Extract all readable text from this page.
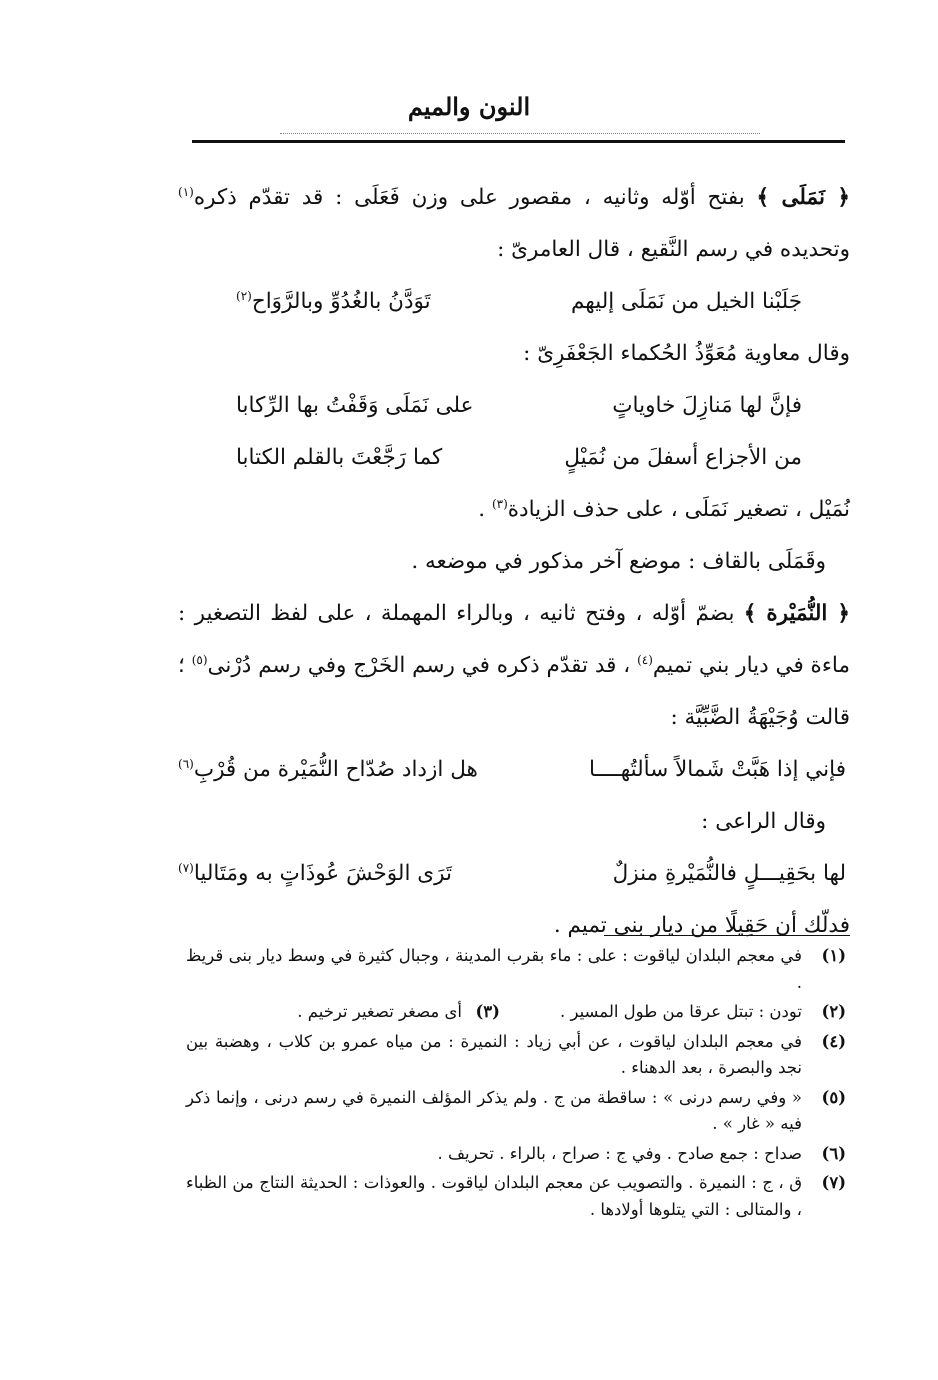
النون والميم

﴿ نَمَلَى ﴾ بفتح أوّله وثانيه ، مقصور على وزن فَعَلَى : قد تقدّم ذكره$^{(١)}$ وتحديده في رسم النَّقيع ، قال العامرىّ :

جَلَبْنا الخيل من نَمَلَى إليهم
تَوَدَّنُ بالغُدُوِّ وبالرَّوَاح$^{(٢)}$

وقال معاوية مُعَوِّذُ الحُكماء الجَعْفَرِىّ :

فإنَّ لها مَنازِلَ خاوياتٍ
على نَمَلَى وَقَفْتُ بها الرِّكابا
من الأجزاع أسفلَ من نُمَيْلٍ
كما رَجَّعْتَ بالقلم الكتابا

نُمَيْل ، تصغير نَمَلَى ، على حذف الزيادة$^{(٣)}$ .

وقَمَلَى بالقاف : موضع آخر مذكور في موضعه .

﴿ النُّمَيْرة ﴾ بضمّ أوّله ، وفتح ثانيه ، وبالراء المهملة ، على لفظ التصغير : ماءة في ديار بني تميم$^{(٤)}$ ، قد تقدّم ذكره في رسم الخَرْج وفي رسم دُرْنى$^{(٥)}$ ؛ قالت وُجَيْهَةُ الضَّبِّيَّة :

فإني إذا هَبَّتْ شَمالاً سألتُهــــا
هل ازداد صُدّاح النُّمَيْرة من قُرْبِ$^{(٦)}$

وقال الراعى :

لها بحَقِيـــلٍ فالنُّمَيْرةِ منزلٌ
تَرَى الوَحْشَ عُوذَاتٍ به ومَتَاليا$^{(٧)}$

فدلّك أن حَقِيلًا من ديار بنى تميم .

(١)
في معجم البلدان لياقوت : على : ماء بقرب المدينة ، وجبال كثيرة في وسط ديار بنى قريظ .
(٢)
تودن : تبتل عرقا من طول المسير .
(٣)
أى مصغر تصغير ترخيم .
(٤)
في معجم البلدان لياقوت ، عن أبي زياد : النميرة : من مياه عمرو بن كلاب ، وهضبة بين نجد والبصرة ، بعد الدهناء .
(٥)
« وفي رسم درنى » : ساقطة من ج . ولم يذكر المؤلف النميرة في رسم درنى ، وإنما ذكر فيه « غار » .
(٦)
صداح : جمع صادح . وفي ج : صراح ، بالراء . تحريف .
(٧)
ق ، ج : النميرة . والتصويب عن معجم البلدان لياقوت . والعوذات : الحديثة النتاج من الظباء ، والمتالى : التي يتلوها أولادها .
